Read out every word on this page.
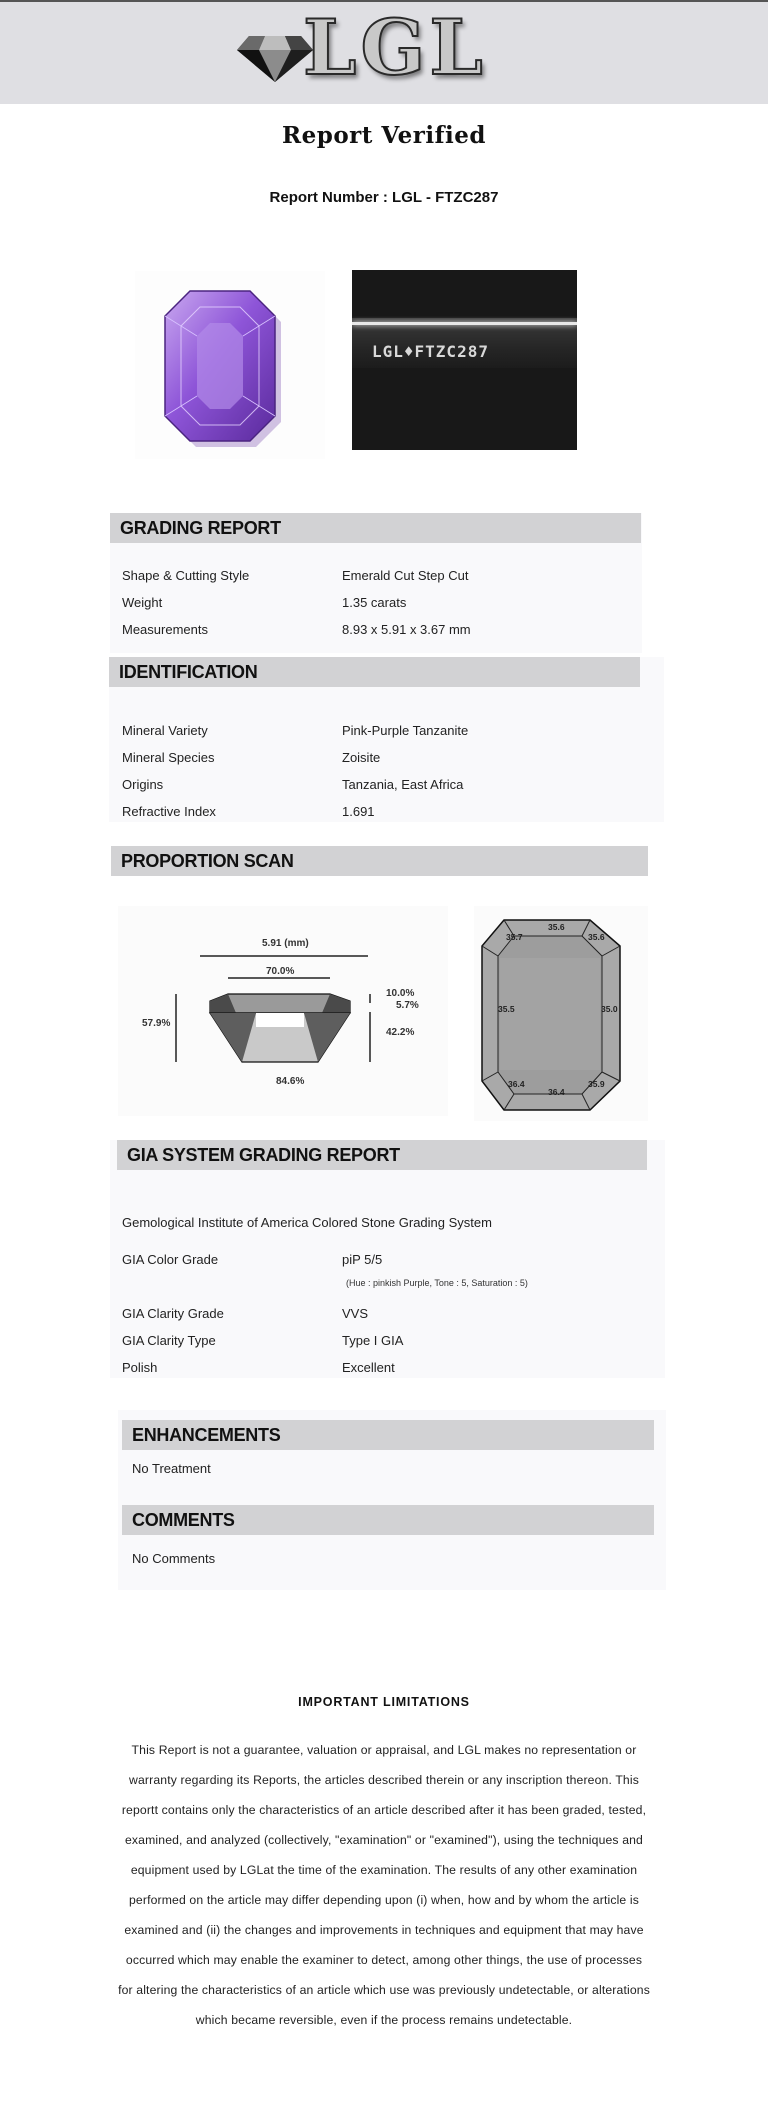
LGL
Report Verified
Report Number : LGL - FTZC287
LGL♦FTZC287
GRADING REPORT
Shape & Cutting Style	Emerald Cut Step Cut
Weight	1.35 carats
Measurements	8.93 x 5.91 x 3.67 mm
IDENTIFICATION
Mineral Variety	Pink-Purple Tanzanite
Mineral Species	Zoisite
Origins	Tanzania, East Africa
Refractive Index	1.691
PROPORTION SCAN
5.91 (mm)
70.0%
57.9%
10.0%
5.7%
42.2%
84.6%
35.7
35.6
35.6
35.5	35.0
36.4
36.4
35.9
GIA SYSTEM GRADING REPORT
Gemological Institute of America Colored Stone Grading System
GIA Color Grade	piP 5/5
(Hue : pinkish Purple, Tone : 5, Saturation : 5)
GIA Clarity Grade	VVS
GIA Clarity Type	Type I GIA
Polish	Excellent
ENHANCEMENTS
COMMENTS
No Treatment
No Comments
IMPORTANT LIMITATIONS
This Report is not a guarantee, valuation or appraisal, and LGL makes no representation or warranty regarding its Reports, the articles described therein or any inscription thereon. This reportt contains only the characteristics of an article described after it has been graded, tested, examined, and analyzed (collectively, "examination" or "examined"), using the techniques and equipment used by LGLat the time of the examination. The results of any other examination performed on the article may differ depending upon (i) when, how and by whom the article is examined and (ii) the changes and improvements in techniques and equipment that may have occurred which may enable the examiner to detect, among other things, the use of processes for altering the characteristics of an article which use was previously undetectable, or alterations which became reversible, even if the process remains undetectable.
